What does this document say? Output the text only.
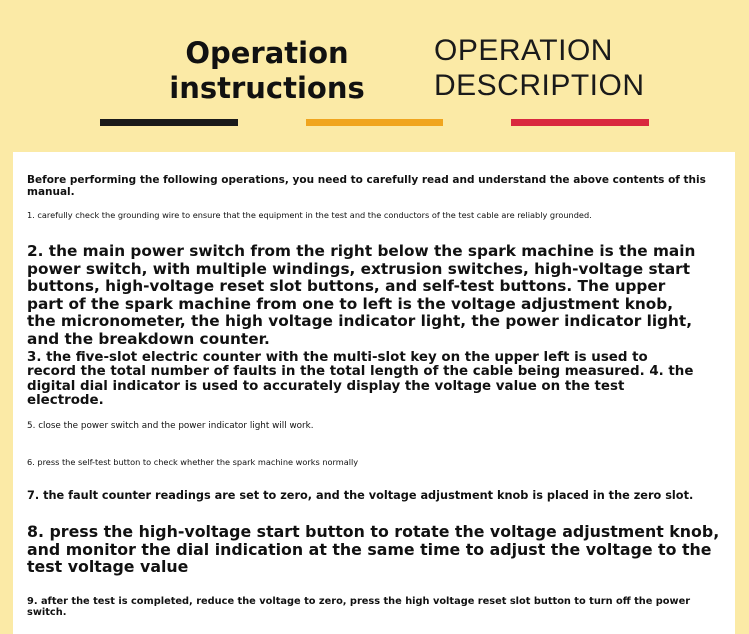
Operation
instructions
OPERATION
DESCRIPTION

Before performing the following operations, you need to carefully read and understand the above contents of this manual.

1. carefully check the grounding wire to ensure that the equipment in the test and the conductors of the test cable are reliably grounded.

2. the main power switch from the right below the spark machine is the main power switch, with multiple windings, extrusion switches, high-voltage start buttons, high-voltage reset slot buttons, and self-test buttons. The upper part of the spark machine from one to left is the voltage adjustment knob, the micronometer, the high voltage indicator light, the power indicator light, and the breakdown counter.

3. the five-slot electric counter with the multi-slot key on the upper left is used to record the total number of faults in the total length of the cable being measured. 4. the digital dial indicator is used to accurately display the voltage value on the test electrode.

5. close the power switch and the power indicator light will work.

6. press the self-test button to check whether the spark machine works normally

7. the fault counter readings are set to zero, and the voltage adjustment knob is placed in the zero slot.

8. press the high-voltage start button to rotate the voltage adjustment knob, and monitor the dial indication at the same time to adjust the voltage to the test voltage value

9. after the test is completed, reduce the voltage to zero, press the high voltage reset slot button to turn off the power switch.
